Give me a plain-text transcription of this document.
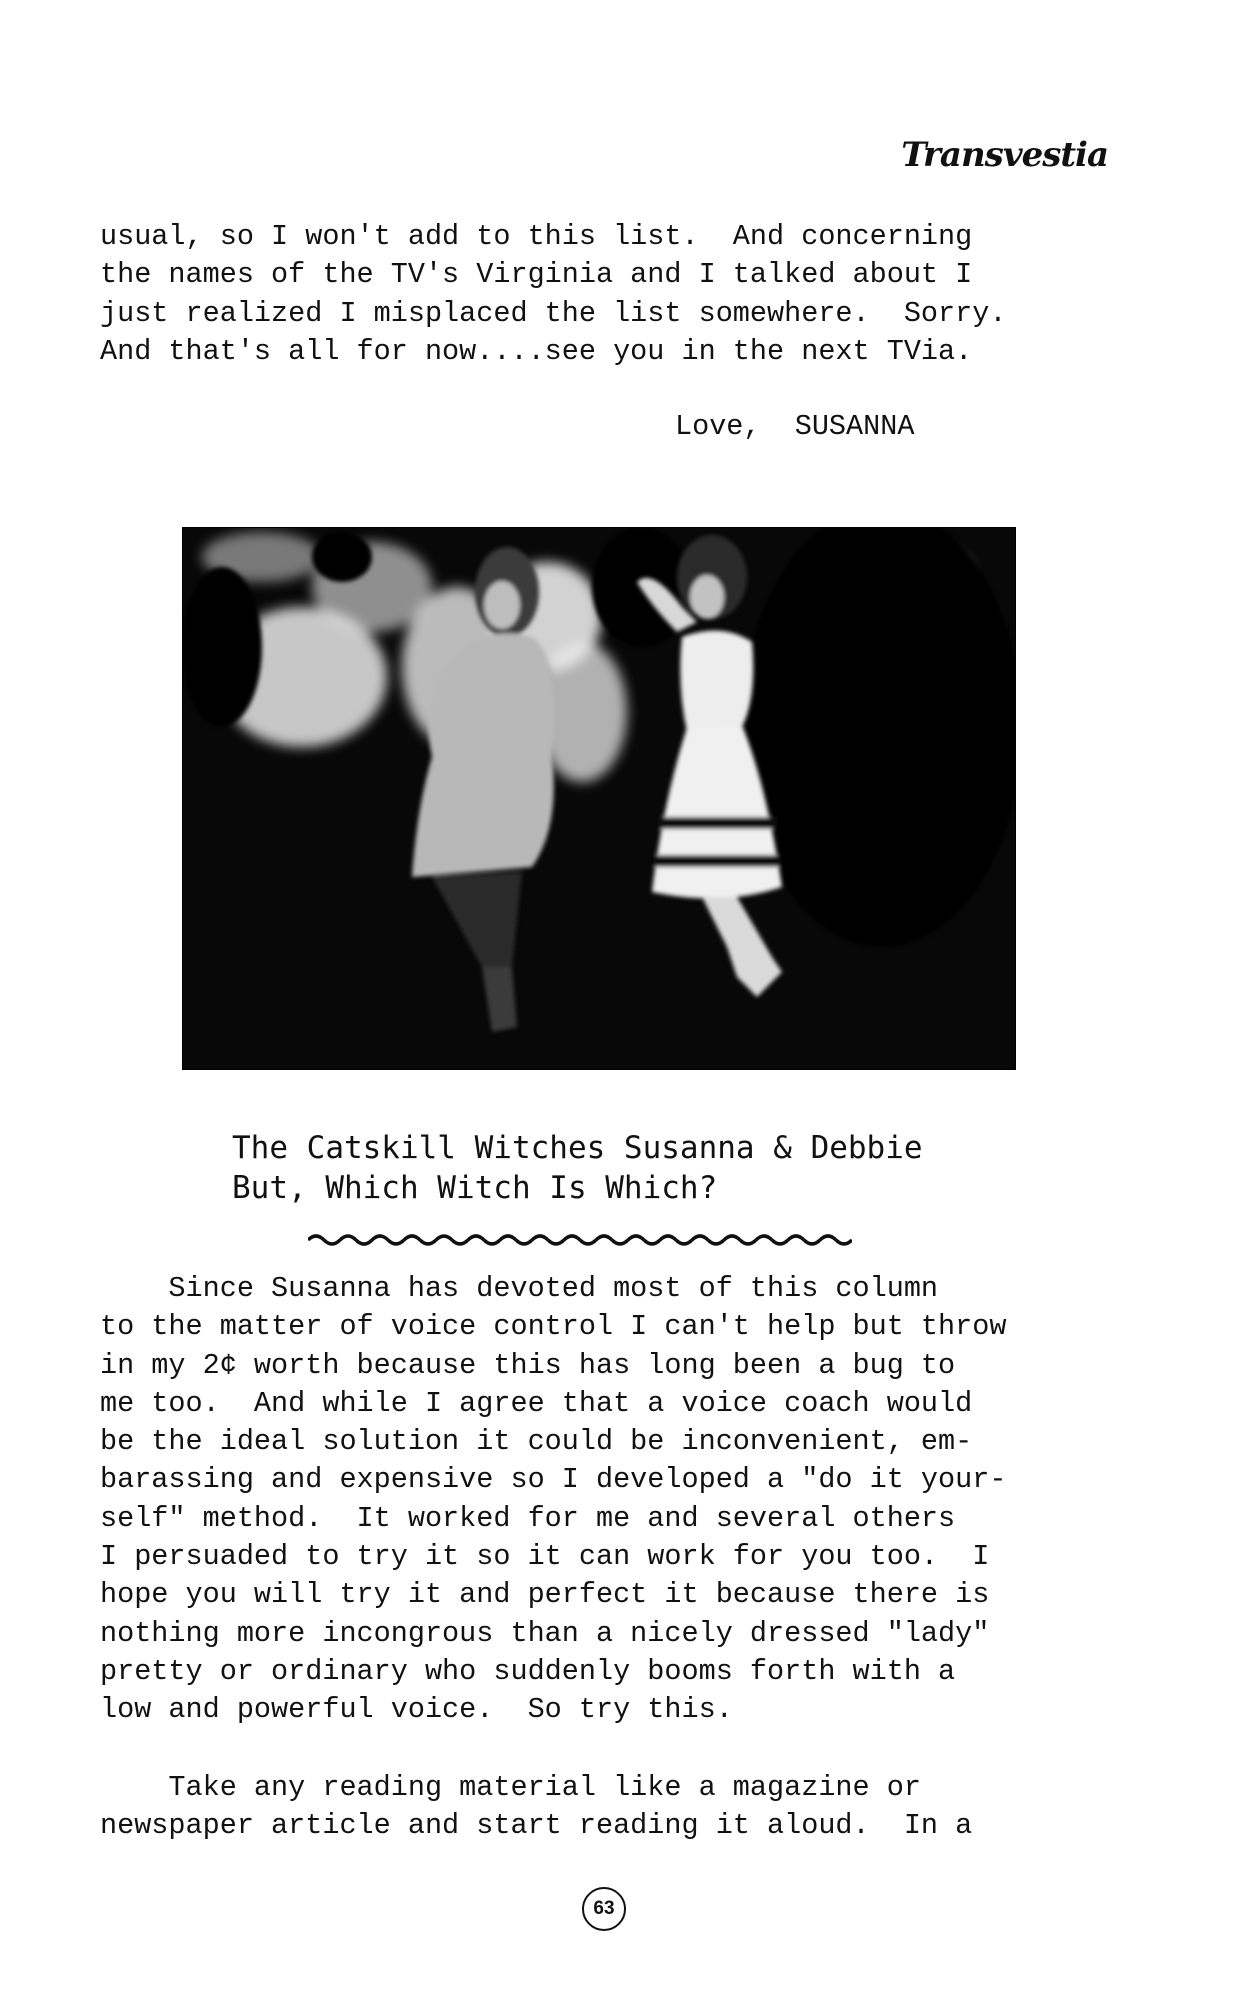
Transvestia

usual, so I won't add to this list.  And concerning
the names of the TV's Virginia and I talked about I
just realized I misplaced the list somewhere.  Sorry.
And that's all for now....see you in the next TVia.

Love,  SUSANNA

The Catskill Witches Susanna & Debbie
But, Which Witch Is Which?

Since Susanna has devoted most of this column
to the matter of voice control I can't help but throw
in my 2¢ worth because this has long been a bug to
me too.  And while I agree that a voice coach would
be the ideal solution it could be inconvenient, em-
barassing and expensive so I developed a "do it your-
self" method.  It worked for me and several others
I persuaded to try it so it can work for you too.  I
hope you will try it and perfect it because there is
nothing more incongrous than a nicely dressed "lady"
pretty or ordinary who suddenly booms forth with a
low and powerful voice.  So try this.

Take any reading material like a magazine or
newspaper article and start reading it aloud.  In a

63
